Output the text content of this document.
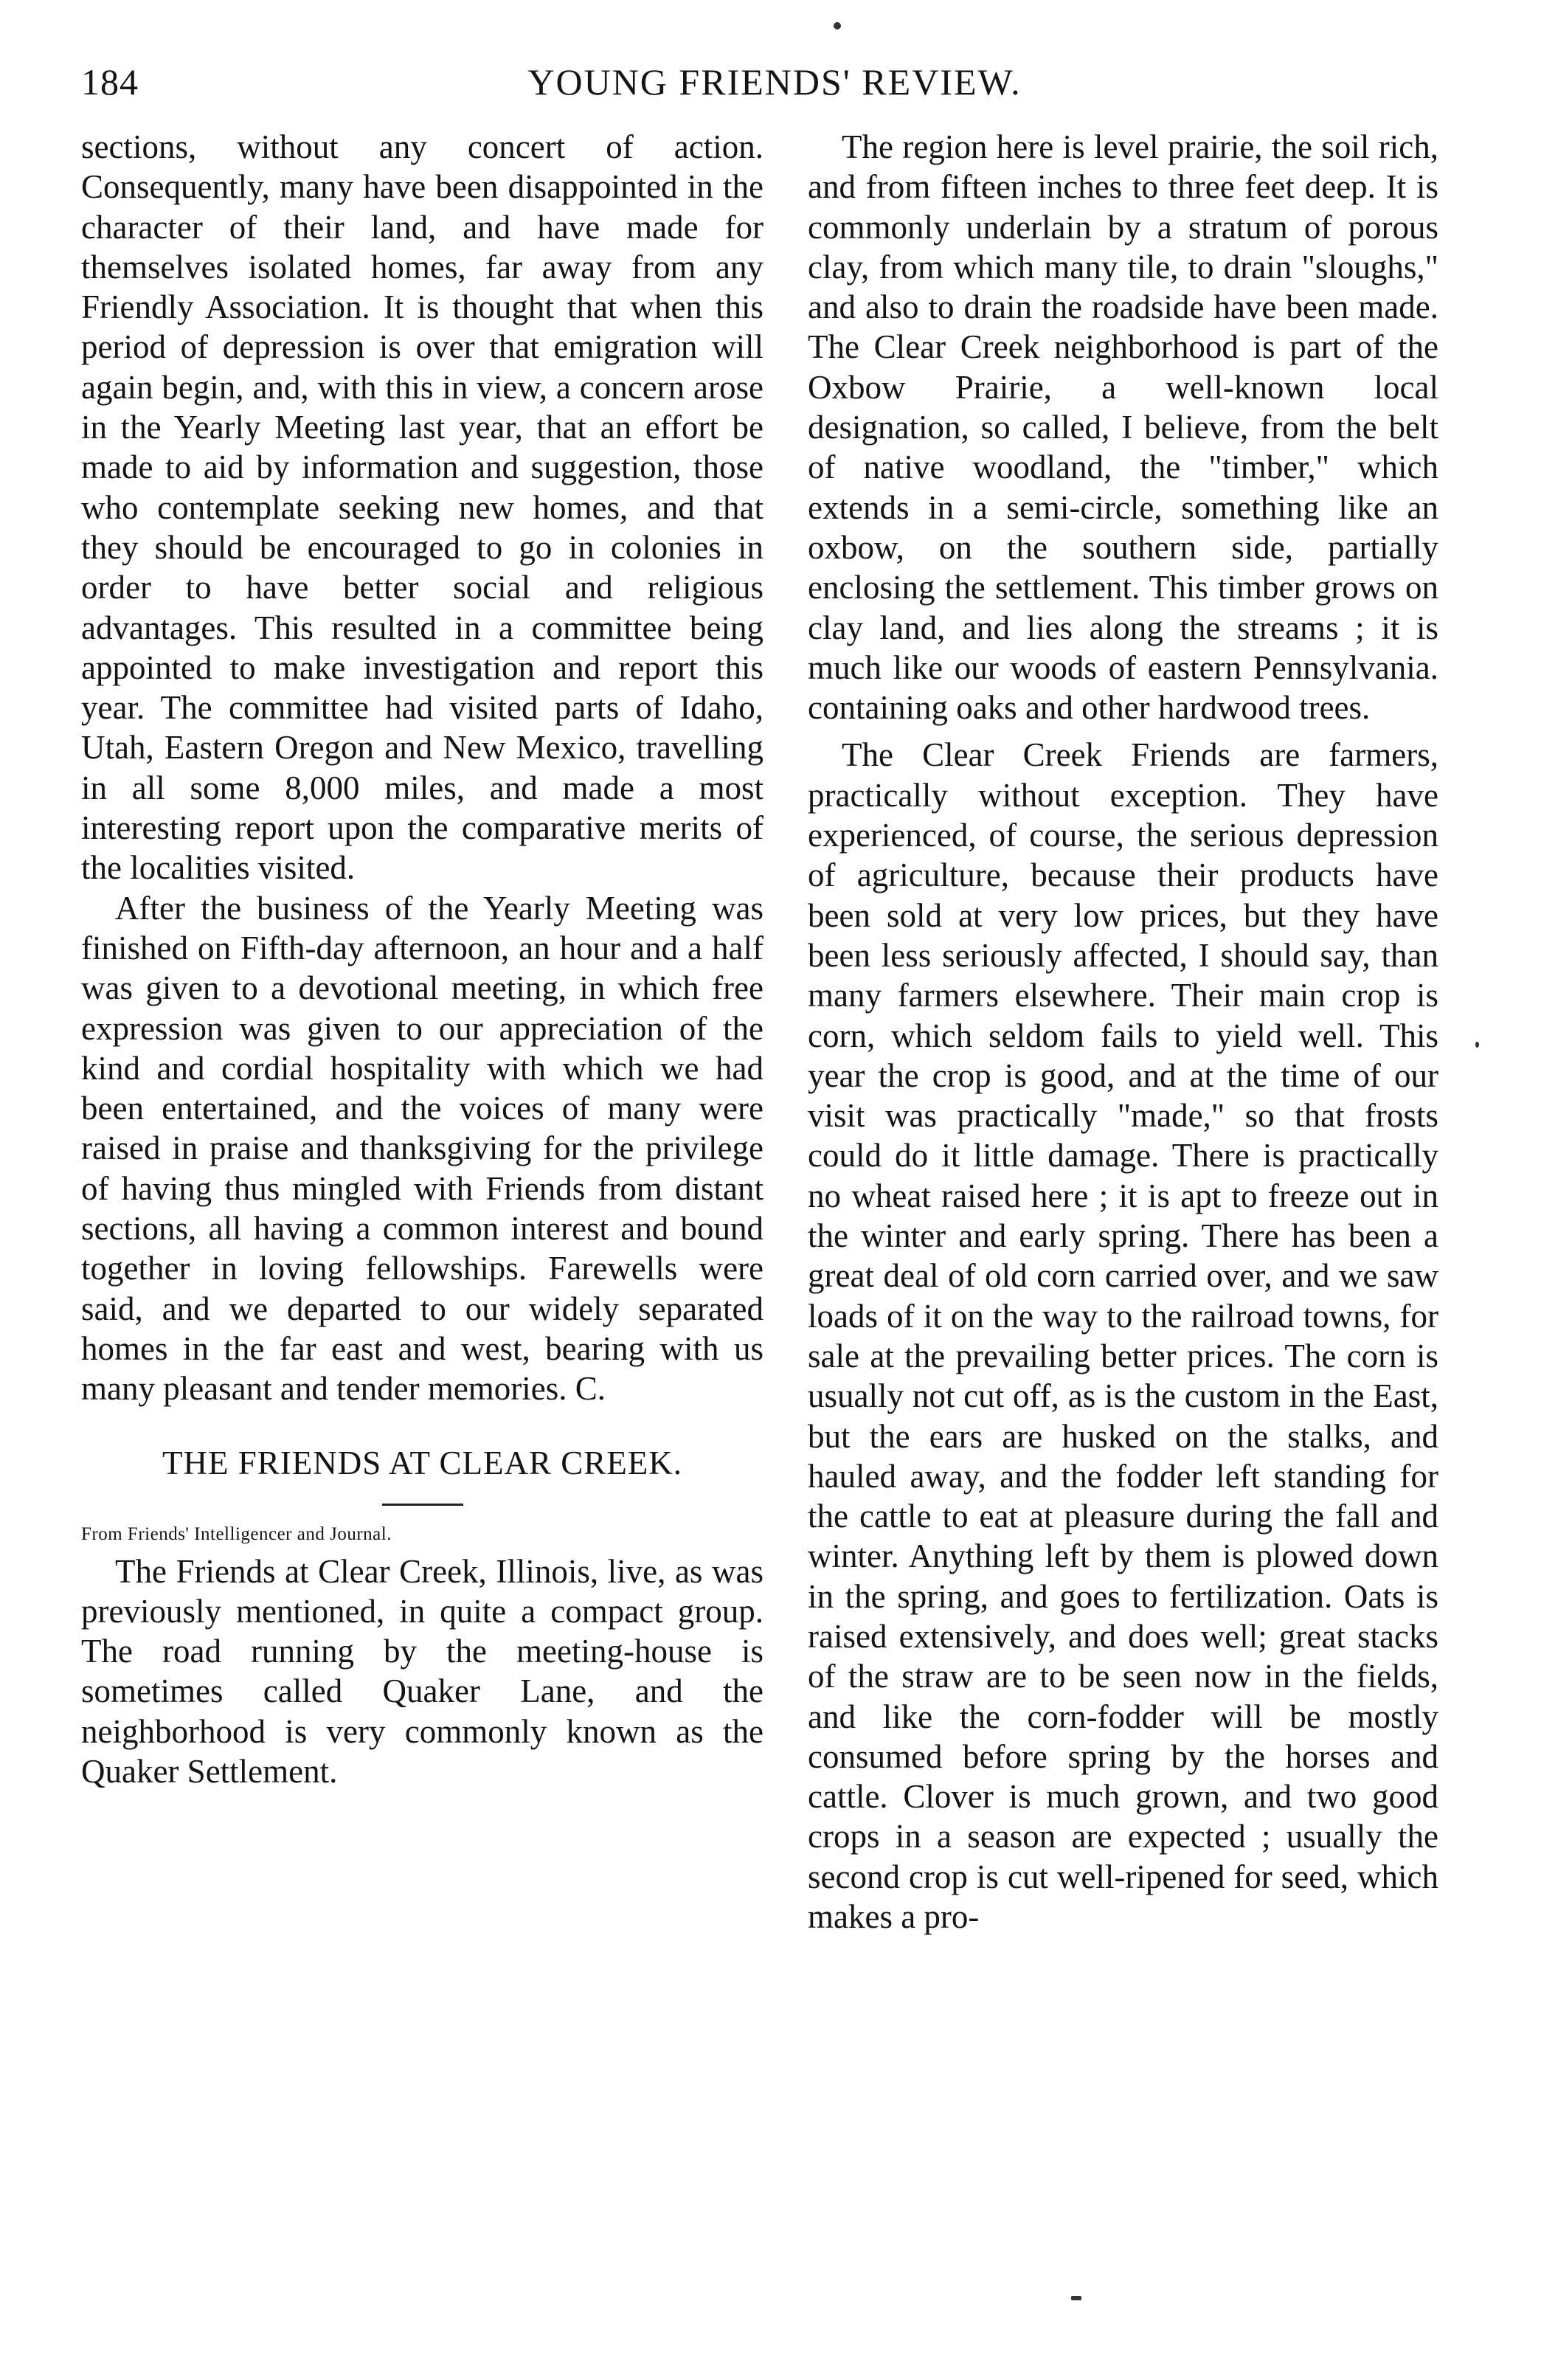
184	YOUNG FRIENDS' REVIEW.

sections, without any concert of action. Consequently, many have been disappointed in the character of their land, and have made for themselves isolated homes, far away from any Friendly Association. It is thought that when this period of depression is over that emigration will again begin, and, with this in view, a concern arose in the Yearly Meeting last year, that an effort be made to aid by information and suggestion, those who contemplate seeking new homes, and that they should be encouraged to go in colonies in order to have better social and religious advantages. This resulted in a committee being appointed to make investigation and report this year. The committee had visited parts of Idaho, Utah, Eastern Oregon and New Mexico, travelling in all some 8,000 miles, and made a most interesting report upon the comparative merits of the localities visited.

After the business of the Yearly Meeting was finished on Fifth-day afternoon, an hour and a half was given to a devotional meeting, in which free expression was given to our appreciation of the kind and cordial hospitality with which we had been entertained, and the voices of many were raised in praise and thanksgiving for the privilege of having thus mingled with Friends from distant sections, all having a common interest and bound together in loving fellowships. Farewells were said, and we departed to our widely separated homes in the far east and west, bearing with us many pleasant and tender memories. C.

THE FRIENDS AT CLEAR CREEK.
From Friends' Intelligencer and Journal.

The Friends at Clear Creek, Illinois, live, as was previously mentioned, in quite a compact group. The road running by the meeting-house is sometimes called Quaker Lane, and the neighborhood is very commonly known as the Quaker Settlement.

The region here is level prairie, the soil rich, and from fifteen inches to three feet deep. It is commonly underlain by a stratum of porous clay, from which many tile, to drain "sloughs," and also to drain the roadside have been made. The Clear Creek neighborhood is part of the Oxbow Prairie, a well-known local designation, so called, I believe, from the belt of native woodland, the "timber," which extends in a semi-circle, something like an oxbow, on the southern side, partially enclosing the settlement. This timber grows on clay land, and lies along the streams ; it is much like our woods of eastern Pennsylvania. containing oaks and other hardwood trees.

The Clear Creek Friends are farmers, practically without exception. They have experienced, of course, the serious depression of agriculture, because their products have been sold at very low prices, but they have been less seriously affected, I should say, than many farmers elsewhere. Their main crop is corn, which seldom fails to yield well. This year the crop is good, and at the time of our visit was practically "made," so that frosts could do it little damage. There is practically no wheat raised here ; it is apt to freeze out in the winter and early spring. There has been a great deal of old corn carried over, and we saw loads of it on the way to the railroad towns, for sale at the prevailing better prices. The corn is usually not cut off, as is the custom in the East, but the ears are husked on the stalks, and hauled away, and the fodder left standing for the cattle to eat at pleasure during the fall and winter. Anything left by them is plowed down in the spring, and goes to fertilization. Oats is raised extensively, and does well; great stacks of the straw are to be seen now in the fields, and like the corn-fodder will be mostly consumed before spring by the horses and cattle. Clover is much grown, and two good crops in a season are expected ; usually the second crop is cut well-ripened for seed, which makes a pro-
